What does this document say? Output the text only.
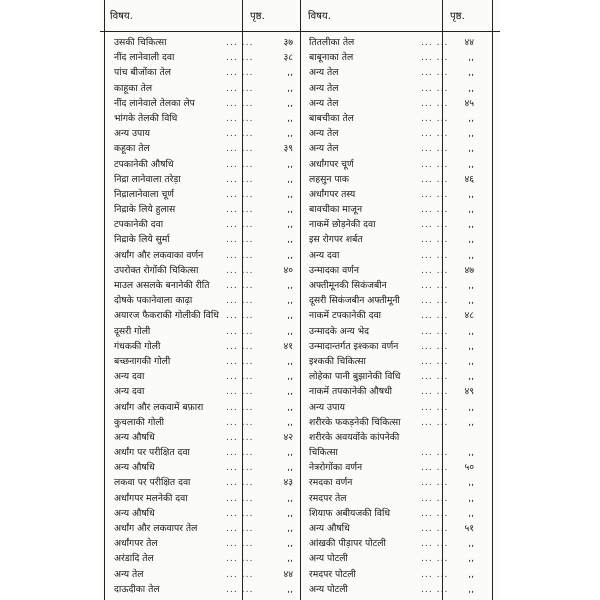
विषय.	पृष्ठ.	विषय.	पृष्ठ.
उसकी चिकित्सा	... ...	३७
नींद लानेवाली दवा	... ...	३८
पांच बीजोंका तेल	... ...	,,
काहूका तेल	... ...	,,
नींद लानेवाले तेलका लेप	... ...	,,
भांगके तेलकी विधि	... ...	,,
अन्य उपाय	... ...	,,
कहूका तेल	... ...	३९
टपकानेकी औषधि	... ...	,,
निद्रा लानेवाला तरेड़ा	... ...	,,
निद्रालानेवाला चूर्ण	... ...	,,
निद्राके लिये हुलास	... ...	,,
टपकानेकी दवा	... ...	,,
निद्राके लिये सुर्मा	... ...	,,
अर्धांग और लकवाका वर्णन ... ...	,,
उपरोक्त रोगोंकी चिकित्सा	... ...	४०
माउल असलके बनानेकी रीति ... ...	,,
दोषके पकानेवाला काढ़ा	... ...	,,
अयारज फैकराकी गोलीकी विधि ... ...	,,
दूसरी गोली	... ...	,,
गंधककी गोली	... ...	४१
बच्छनागकी गोली	... ...	,,
अन्य दवा	... ...	,,
अन्य दवा	... ...	,,
अर्धांग और लकवामें बफ़ारा ... ...	,,
कुचलाकी गोली	... ...	,,
अन्य औषधि	... ...	४२
अर्धांग पर परीक्षित दवा	... ...	,,
अन्य औषधि	... ...	,,
लकवा पर परीक्षित दवा	... ...	४३
अर्धांगपर मलनेकी दवा	... ...	,,
अन्य औषधि	... ...	,,
अर्धांग और लकवापर तेल	... ...	,,
अर्धांगपर तेल	... ...	,,
अरंडादि तेल	... ...	,,
अन्य तेल	... ...	४४
दाऊदीका तेल	... ...	,,
तितलीका तेल	... ... ४४
बाबूनाका तेल	... ... ,,
अन्य तेल	... ... ,,
अन्य तेल	... ... ,,
अन्य तेल	... ... ४५
बाबचीका तेल	... ... ,,
अन्य तेल	... ... ,,
अन्य तेल	... ... ,,
अर्धांगपर चूर्ण	... ... ,,
लहसुन पाक	... ... ४६
अर्धांगपर तस्य	... ... ,,
बावचीका माजून	... ... ,,
नाकमें छोड़नेकी दवा	... ... ,,
इस रोगपर शर्बत	... ... ,,
अन्य दवा	... ... ,,
उन्मादका वर्णन	... ... ४७
अफ्तीमूनकी सिकंजबीन	... ... ,,
दूसरी सिकंजबीन अफ्तीमूनी ... ... ,,
नाकमें टपकानेकी दवा	... ... ४८
उन्मादके अन्य भेद	... ... ,,
उन्मादान्तर्गत इश्कका वर्णन ... ... ,,
इश्ककी चिकित्सा	... ... ,,
लोहेका पानी बुझानेकी विधि ... ... ,,
नाकमें तपकानेकी औषधी	... ... ४९
अन्य उपाय	... ... ,,
शरीरके फकड़नेकी चिकित्सा ... ... ,,
शरीरके अवयवोंके कांपनेकी
चिकित्सा	... ... ,,
नेत्ररोगोंका वर्णन	... ... ५०
रमदका वर्णन	... ... ,,
रमदपर तेल	... ... ,,
शियाफ अबीयजकी विधि	... ... ,,
अन्य औषधि	... ... ५१
आंखकी पीड़ापर पोटली	... ... ,,
अन्य पोटली	... ... ,,
रमदपर पोटली	... ... ,,
अन्य पोटली	... ... ,,
